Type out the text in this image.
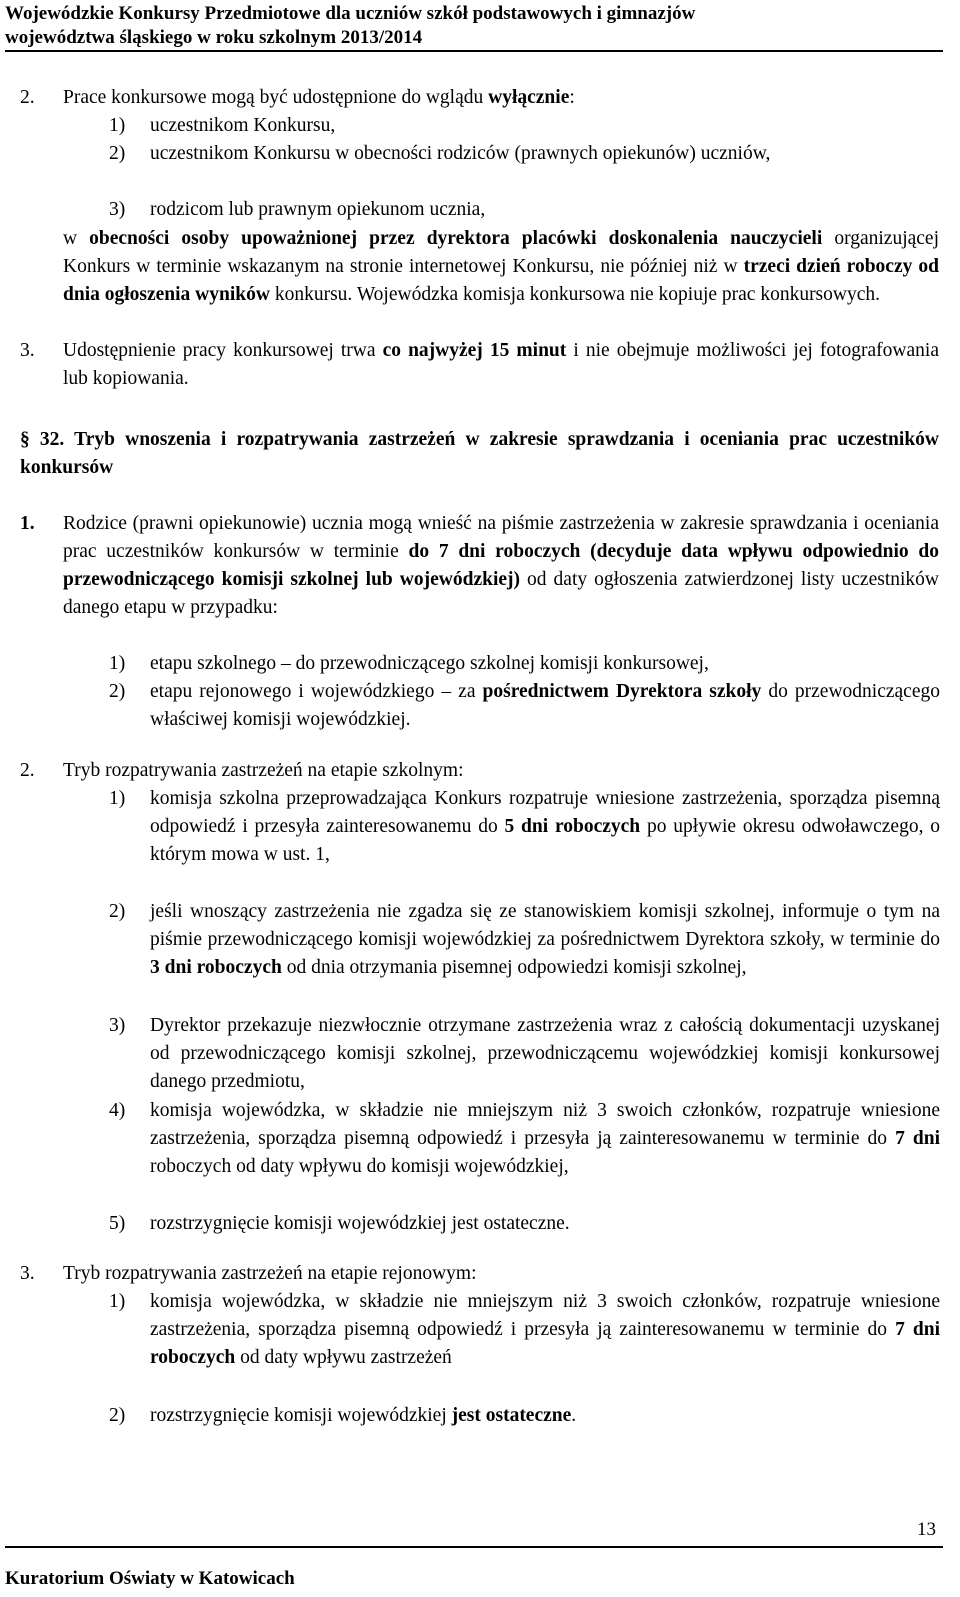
Wojewódzkie Konkursy Przedmiotowe dla uczniów szkół podstawowych i gimnazjów
województwa śląskiego w roku szkolnym 2013/2014
2. Prace konkursowe mogą być udostępnione do wglądu wyłącznie:
1) uczestnikom Konkursu,
2) uczestnikom Konkursu w obecności rodziców (prawnych opiekunów) uczniów,
3) rodzicom lub prawnym opiekunom ucznia,
w obecności osoby upoważnionej przez dyrektora placówki doskonalenia nauczycieli organizującej Konkurs w terminie wskazanym na stronie internetowej Konkursu, nie później niż w trzeci dzień roboczy od dnia ogłoszenia wyników konkursu. Wojewódzka komisja konkursowa nie kopiuje prac konkursowych.
3. Udostępnienie pracy konkursowej trwa co najwyżej 15 minut i nie obejmuje możliwości jej fotografowania lub kopiowania.
§ 32. Tryb wnoszenia i rozpatrywania zastrzeżeń w zakresie sprawdzania i oceniania prac uczestników konkursów
1. Rodzice (prawni opiekunowie) ucznia mogą wnieść na piśmie zastrzeżenia w zakresie sprawdzania i oceniania prac uczestników konkursów w terminie do 7 dni roboczych (decyduje data wpływu odpowiednio do przewodniczącego komisji szkolnej lub wojewódzkiej) od daty ogłoszenia zatwierdzonej listy uczestników danego etapu w przypadku:
1) etapu szkolnego – do przewodniczącego szkolnej komisji konkursowej,
2) etapu rejonowego i wojewódzkiego – za pośrednictwem Dyrektora szkoły do przewodniczącego właściwej komisji wojewódzkiej.
2. Tryb rozpatrywania zastrzeżeń na etapie szkolnym:
1) komisja szkolna przeprowadzająca Konkurs rozpatruje wniesione zastrzeżenia, sporządza pisemną odpowiedź i przesyła zainteresowanemu do 5 dni roboczych po upływie okresu odwoławczego, o którym mowa w ust. 1,
2) jeśli wnoszący zastrzeżenia nie zgadza się ze stanowiskiem komisji szkolnej, informuje o tym na piśmie przewodniczącego komisji wojewódzkiej za pośrednictwem Dyrektora szkoły, w terminie do 3 dni roboczych od dnia otrzymania pisemnej odpowiedzi komisji szkolnej,
3) Dyrektor przekazuje niezwłocznie otrzymane zastrzeżenia wraz z całością dokumentacji uzyskanej od przewodniczącego komisji szkolnej, przewodniczącemu wojewódzkiej komisji konkursowej danego przedmiotu,
4) komisja wojewódzka, w składzie nie mniejszym niż 3 swoich członków, rozpatruje wniesione zastrzeżenia, sporządza pisemną odpowiedź i przesyła ją zainteresowanemu w terminie do 7 dni roboczych od daty wpływu do komisji wojewódzkiej,
5) rozstrzygnięcie komisji wojewódzkiej jest ostateczne.
3. Tryb rozpatrywania zastrzeżeń na etapie rejonowym:
1) komisja wojewódzka, w składzie nie mniejszym niż 3 swoich członków, rozpatruje wniesione zastrzeżenia, sporządza pisemną odpowiedź i przesyła ją zainteresowanemu w terminie do 7 dni roboczych od daty wpływu zastrzeżeń
2) rozstrzygnięcie komisji wojewódzkiej jest ostateczne.
13
Kuratorium Oświaty w Katowicach
